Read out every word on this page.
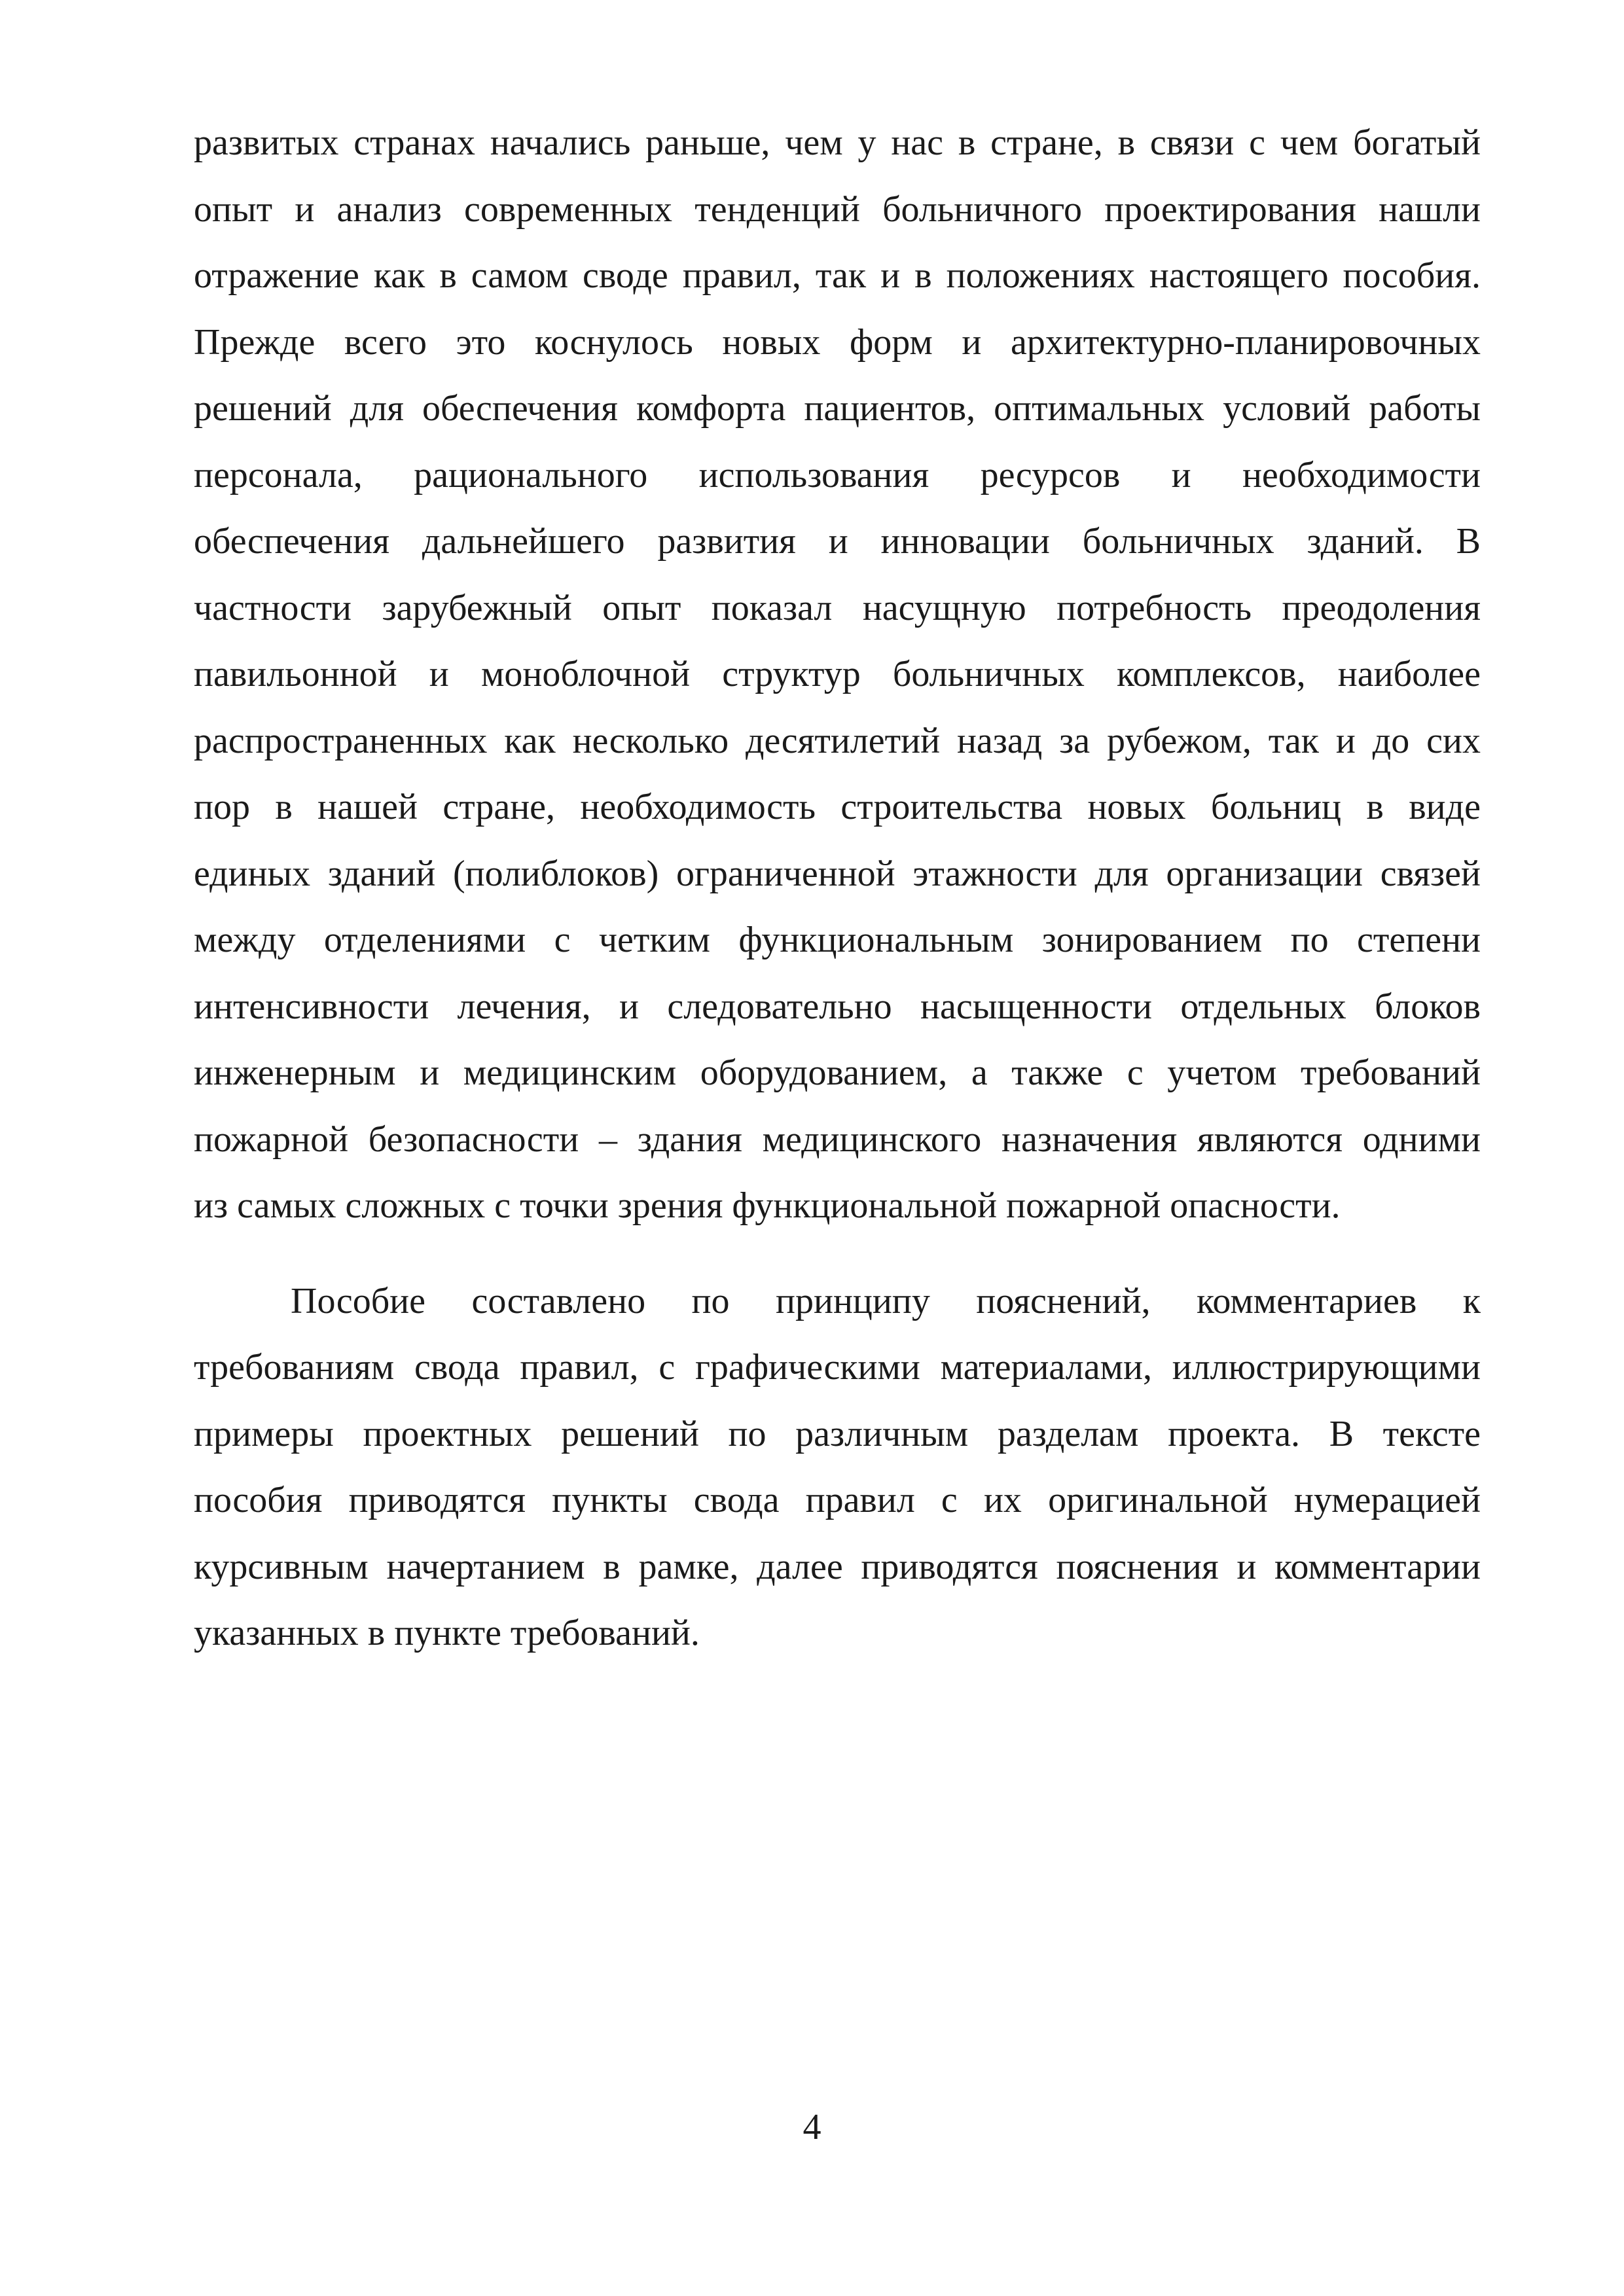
развитых странах начались раньше, чем у нас в стране, в связи с чем богатый
опыт и анализ современных тенденций больничного проектирования нашли
отражение как в самом своде правил, так и в положениях настоящего пособия.
Прежде всего это коснулось новых форм и архитектурно-планировочных
решений для обеспечения комфорта пациентов, оптимальных условий работы
персонала, рационального использования ресурсов и необходимости
обеспечения дальнейшего развития и инновации больничных зданий. В
частности зарубежный опыт показал насущную потребность преодоления
павильонной и моноблочной структур больничных комплексов, наиболее
распространенных как несколько десятилетий назад за рубежом, так и до сих
пор в нашей стране, необходимость строительства новых больниц в виде
единых зданий (полиблоков) ограниченной этажности для организации связей
между отделениями с четким функциональным зонированием по степени
интенсивности лечения, и следовательно насыщенности отдельных блоков
инженерным и медицинским оборудованием, а также с учетом требований
пожарной безопасности – здания медицинского назначения являются одними
из самых сложных с точки зрения функциональной пожарной опасности.
Пособие составлено по принципу пояснений, комментариев к
требованиям свода правил, с графическими материалами, иллюстрирующими
примеры проектных решений по различным разделам проекта. В тексте
пособия приводятся пункты свода правил с их оригинальной нумерацией
курсивным начертанием в рамке, далее приводятся пояснения и комментарии
указанных в пункте требований.
4
